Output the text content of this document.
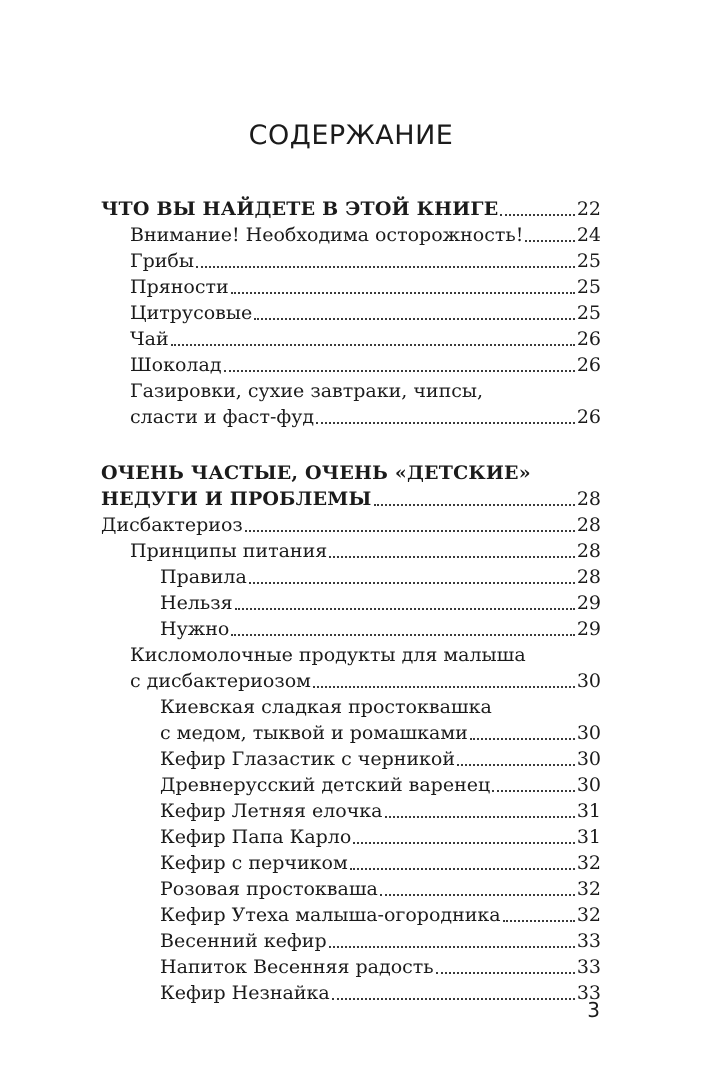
СОДЕРЖАНИЕ
ЧТО ВЫ НАЙДЕТЕ В ЭТОЙ КНИГЕ	22
Внимание! Необходима осторожность!	24
Грибы	25
Пряности	25
Цитрусовые	25
Чай	26
Шоколад	26
Газировки, сухие завтраки, чипсы,
сласти и фаст-фуд	26
ОЧЕНЬ ЧАСТЫЕ, ОЧЕНЬ «ДЕТСКИЕ»
НЕДУГИ И ПРОБЛЕМЫ	28
Дисбактериоз	28
Принципы питания	28
Правила	28
Нельзя	29
Нужно	29
Кисломолочные продукты для малыша
с дисбактериозом	30
Киевская сладкая простоквашка
с медом, тыквой и ромашками	30
Кефир Глазастик с черникой	30
Древнерусский детский варенец	30
Кефир Летняя елочка	31
Кефир Папа Карло	31
Кефир с перчиком	32
Розовая простокваша	32
Кефир Утеха малыша-огородника	32
Весенний кефир	33
Напиток Весенняя радость	33
Кефир Незнайка	33
3
